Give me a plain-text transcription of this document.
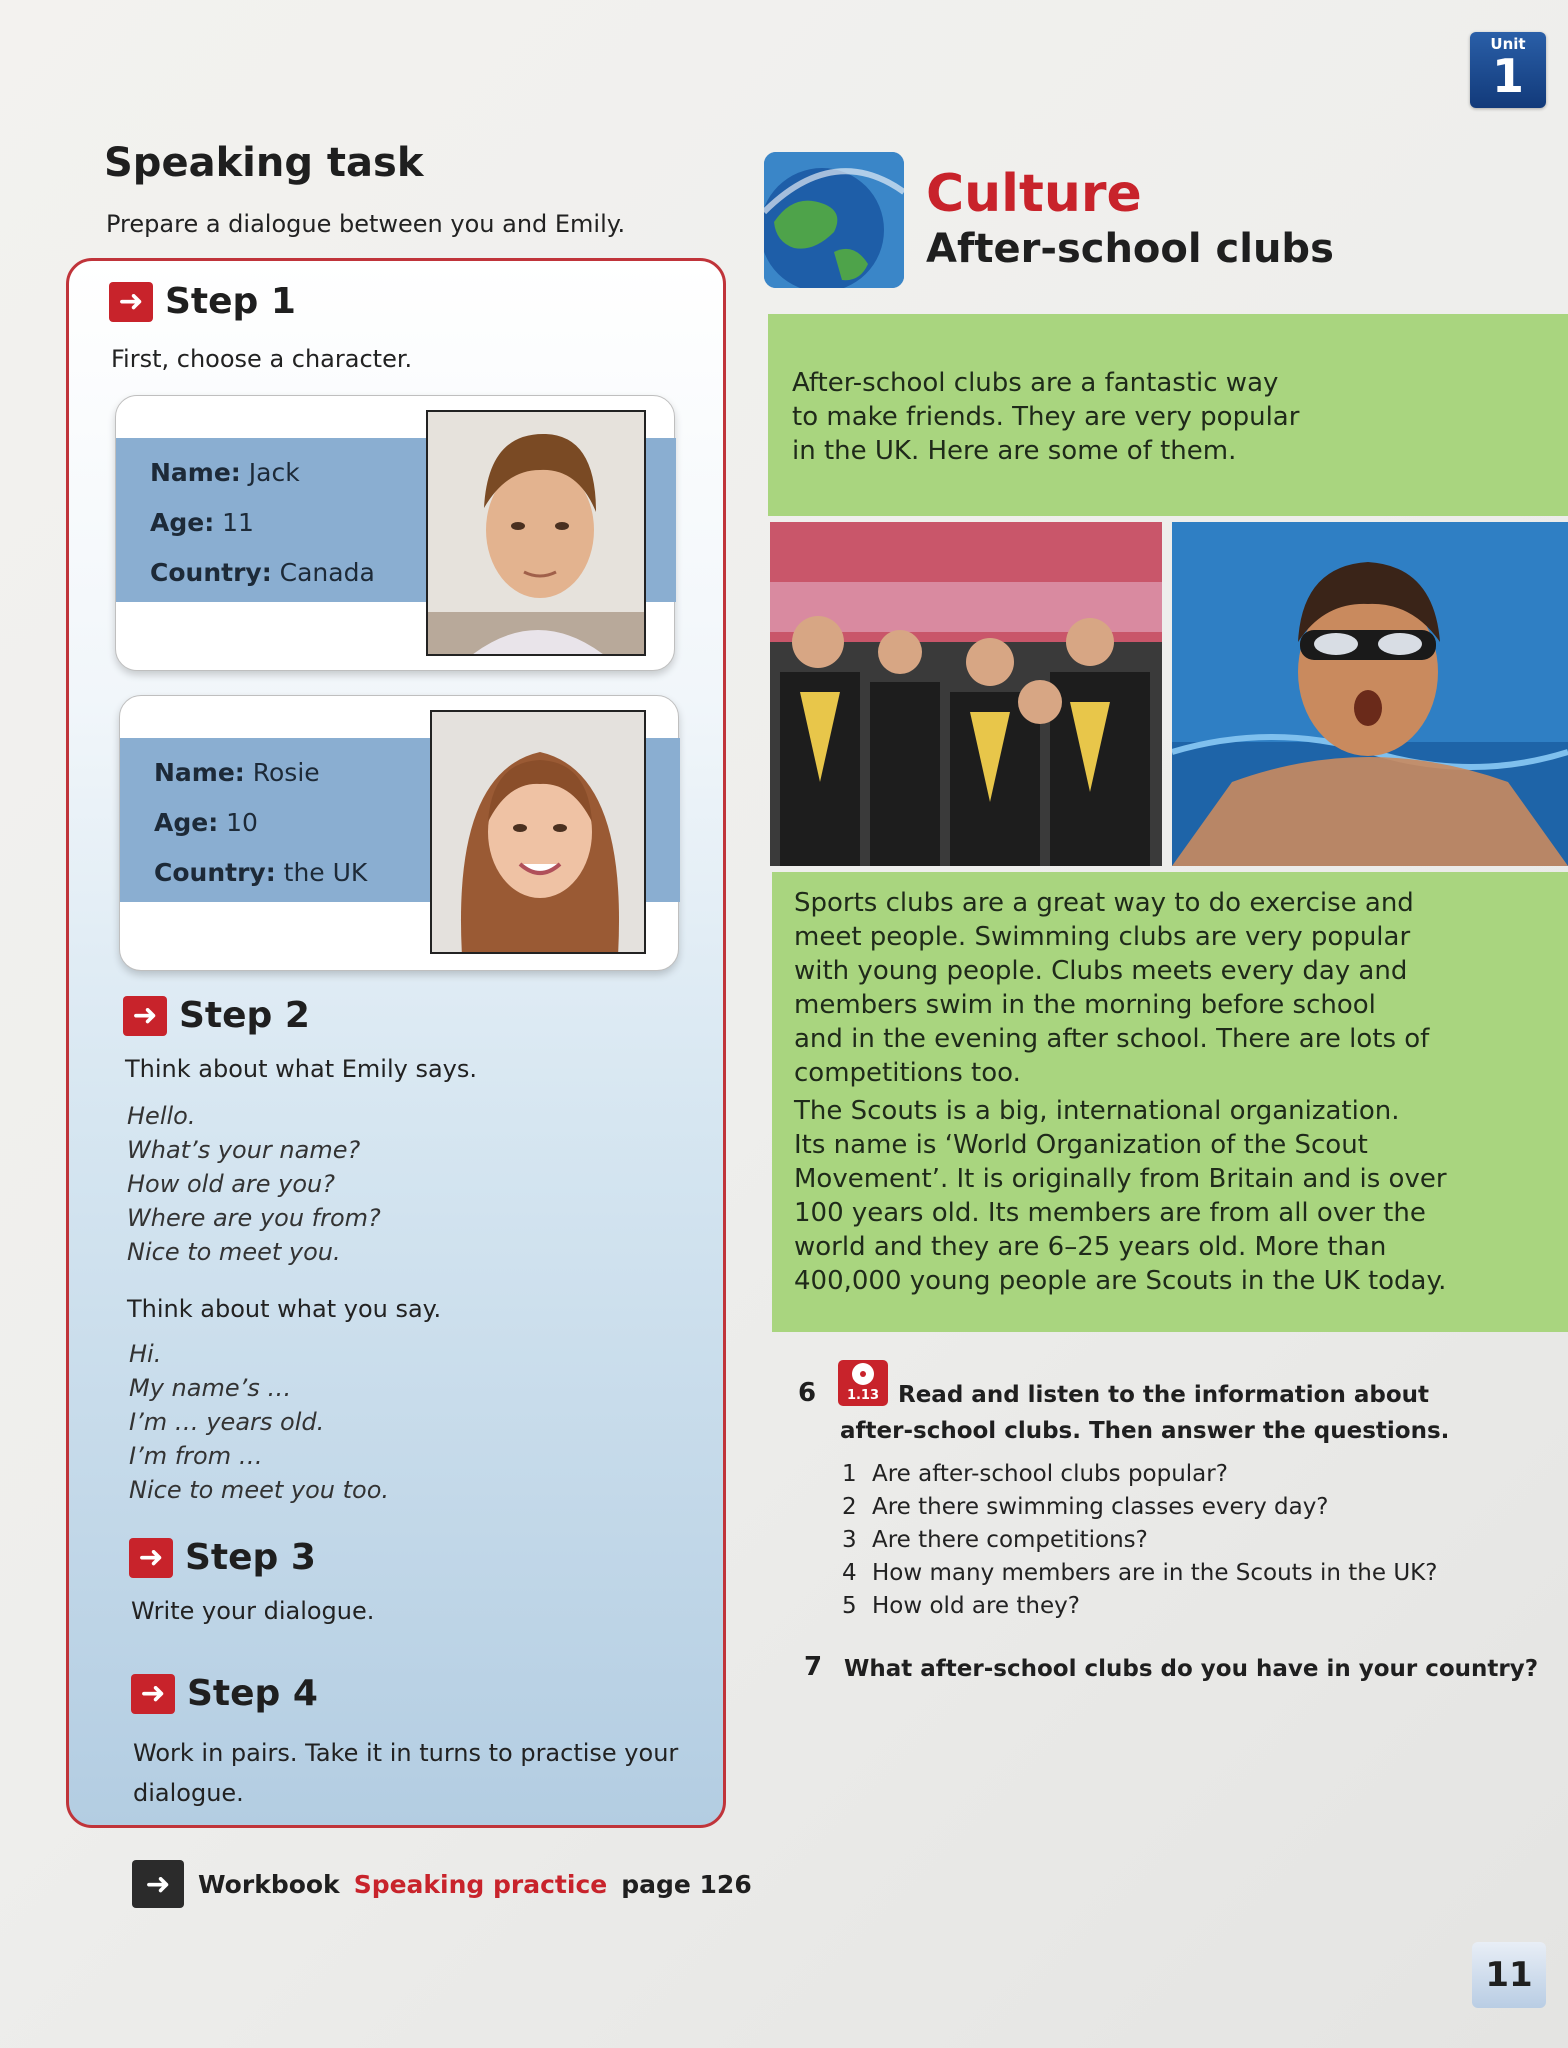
Unit
1
Speaking task
Prepare a dialogue between you and Emily.
➜ Step 1
First, choose a character.
Name: Jack
Age: 11
Country: Canada
Name: Rosie
Age: 10
Country: the UK
➜ Step 2
Think about what Emily says.
Hello.
What’s your name?
How old are you?
Where are you from?
Nice to meet you.
Think about what you say.
Hi.
My name’s …
I’m … years old.
I’m from …
Nice to meet you too.
➜ Step 3
Write your dialogue.
➜ Step 4
Work in pairs. Take it in turns to practise your
dialogue.
➜	Workbook Speaking practice page 126
Culture
After-school clubs

After-school clubs are a fantastic way
to make friends. They are very popular
in the UK. Here are some of them.

Sports clubs are a great way to do exercise and
meet people. Swimming clubs are very popular
with young people. Clubs meets every day and
members swim in the morning before school
and in the evening after school. There are lots of
competitions too.

The Scouts is a big, international organization.
Its name is ‘World Organization of the Scout
Movement’. It is originally from Britain and is over
100 years old. Its members are from all over the
world and they are 6–25 years old. More than
400,000 young people are Scouts in the UK today.

6	1.13 Read and listen to the information about
after-school clubs. Then answer the questions.
1 Are after-school clubs popular?
2 Are there swimming classes every day?
3 Are there competitions?
4 How many members are in the Scouts in the UK?
5 How old are they?
7 What after-school clubs do you have in your country?
11
